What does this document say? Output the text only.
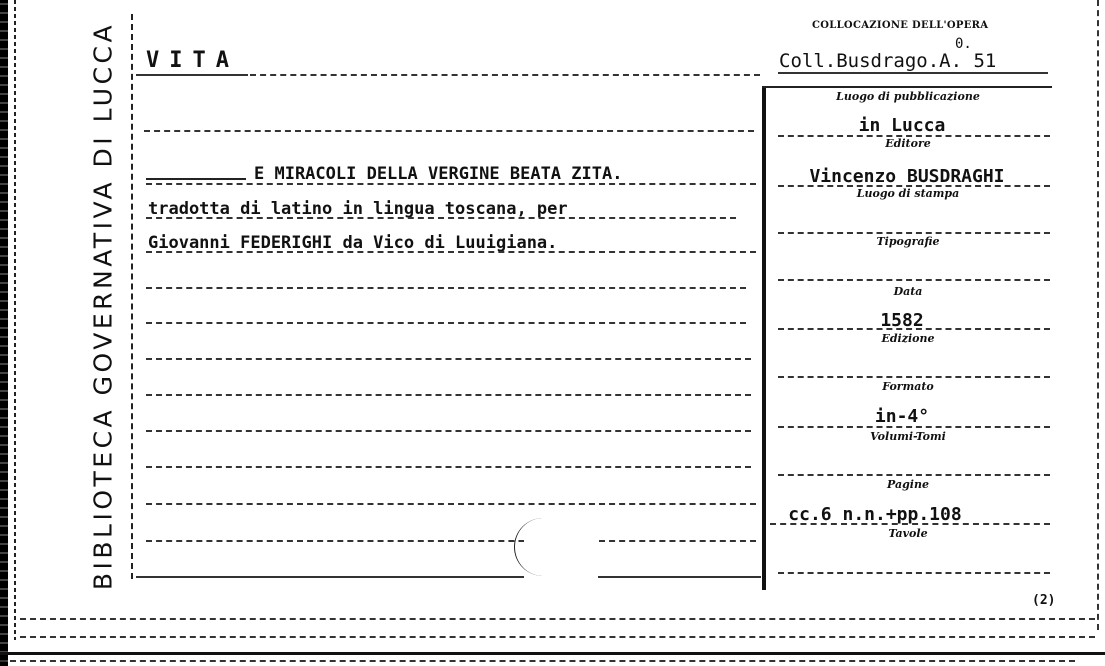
BIBLIOTECA GOVERNATIVA DI LUCCA VITA
COLLOCAZIONE DELL'OPERA
0.
Coll.Busdrago.A. 51
E MIRACOLI DELLA VERGINE BEATA ZITA.
tradotta di latino in lingua toscana, per
Giovanni FEDERIGHI da Vico di Luuigiana.
Luogo di pubblicazione
in Lucca
Editore
Vincenzo BUSDRAGHI
Luogo di stampa
Tipografie
Data
1582
Edizione
Formato
in-4°
Volumi-Tomi
Pagine
cc.6 n.n.+pp.108
Tavole
(2)
